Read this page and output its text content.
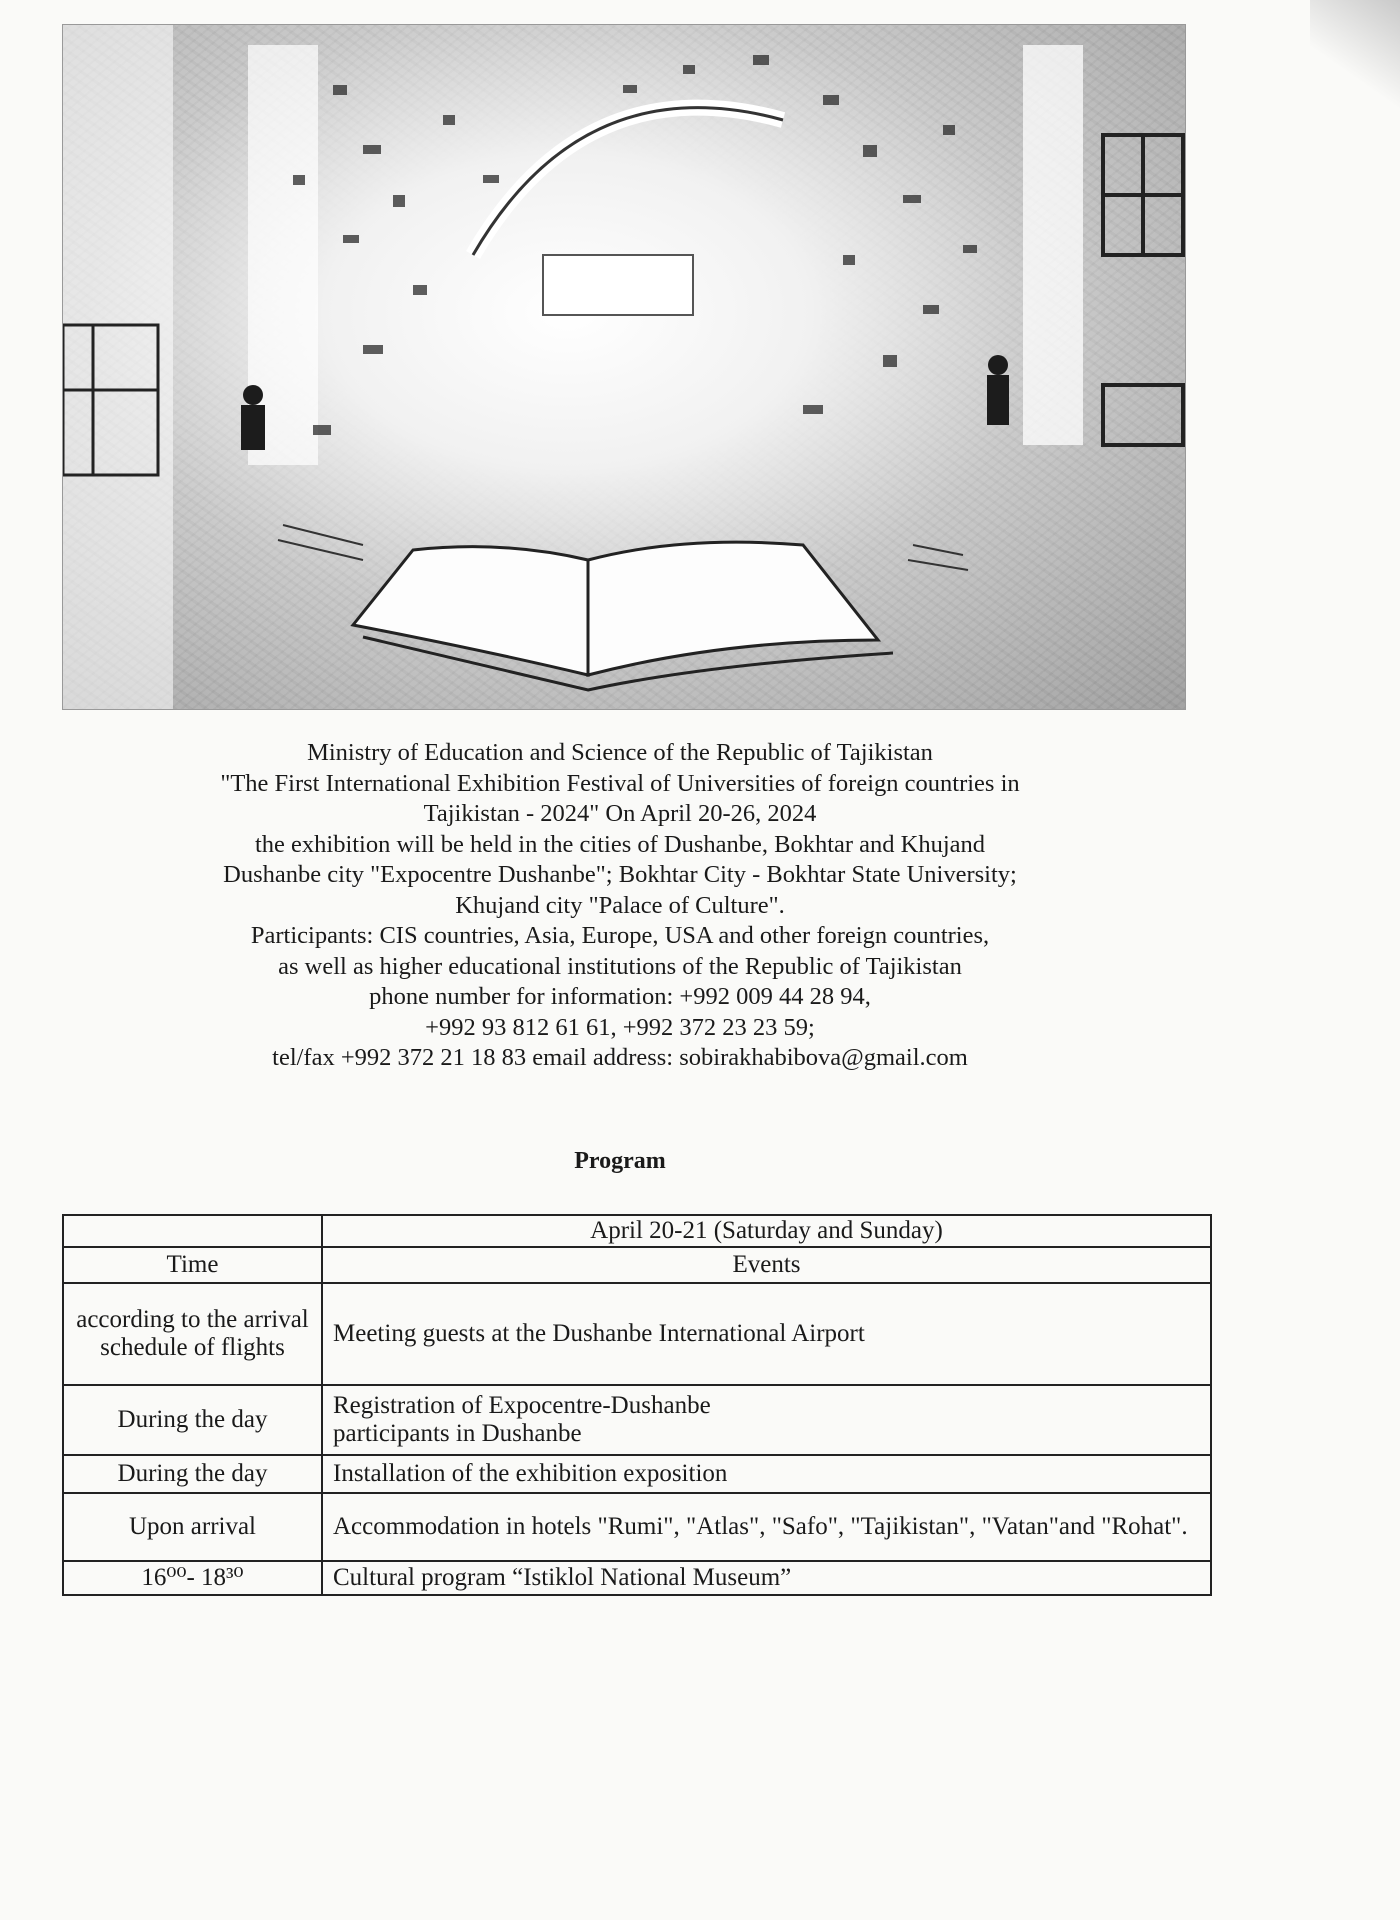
Ministry of Education and Science of the Republic of Tajikistan
"The First International Exhibition Festival of Universities of foreign countries in
Tajikistan - 2024" On April 20-26, 2024
the exhibition will be held in the cities of Dushanbe, Bokhtar and Khujand
Dushanbe city "Expocentre Dushanbe"; Bokhtar City - Bokhtar State University;
Khujand city "Palace of Culture".
Participants: CIS countries, Asia, Europe, USA and other foreign countries,
as well as higher educational institutions of the Republic of Tajikistan
phone number for information: +992 009 44 28 94,
+992 93 812 61 61, +992 372 23 23 59;
tel/fax +992 372 21 18 83 email address: sobirakhabibova@gmail.com
Program
	April 20-21 (Saturday and Sunday)
Time	Events
according to the arrival schedule of flights	Meeting guests at the Dushanbe International Airport
During the day	Registration of Expocentre-Dushanbe participants in Dushanbe
During the day	Installation of the exhibition exposition
Upon arrival	Accommodation in hotels "Rumi", "Atlas", "Safo", "Tajikistan", "Vatan"and "Rohat".
16⁰⁰- 18³⁰	Cultural program “Istiklol National Museum”
